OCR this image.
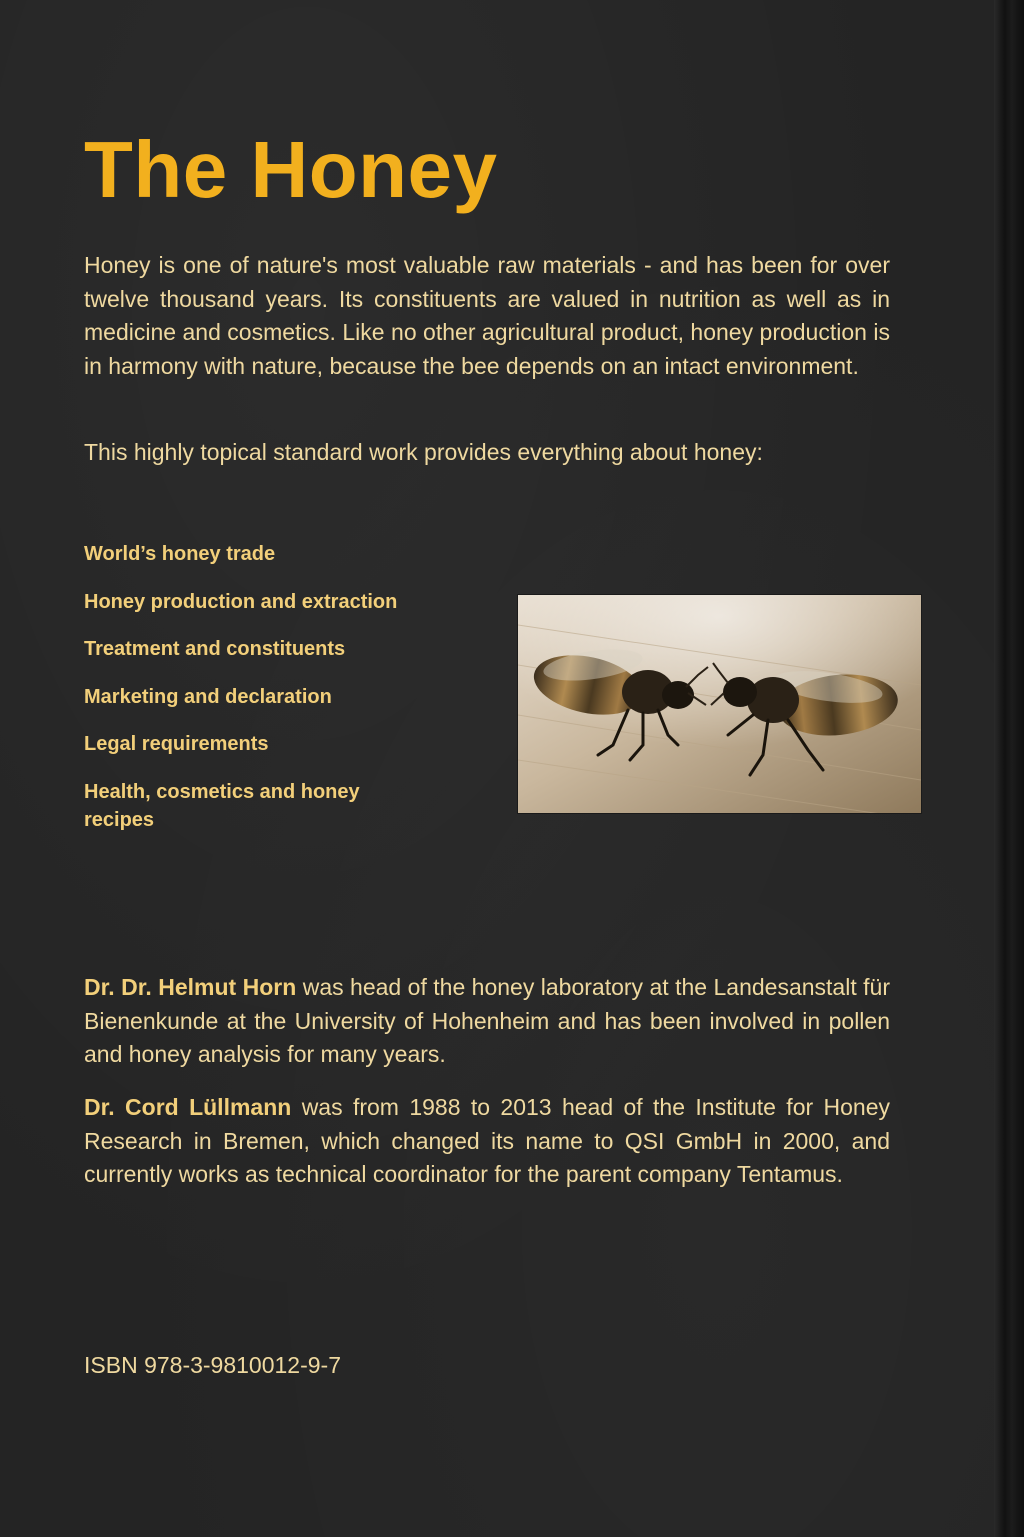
The Honey

Honey is one of nature's most valuable raw materials - and has been for over twelve thousand years. Its constituents are valued in nutrition as well as in medicine and cosmetics. Like no other agricultural product, honey production is in harmony with nature, because the bee depends on an intact environment.

This highly topical standard work provides everything about honey:

World’s honey trade
Honey production and extraction
Treatment and constituents
Marketing and declaration
Legal requirements
Health, cosmetics and honey recipes

Dr. Dr. Helmut Horn was head of the honey laboratory at the Landesanstalt für Bienenkunde at the University of Hohenheim and has been involved in pollen and honey analysis for many years.

Dr. Cord Lüllmann was from 1988 to 2013 head of the Institute for Honey Research in Bremen, which changed its name to QSI GmbH in 2000, and currently works as technical coordinator for the parent company Tentamus.

ISBN 978-3-9810012-9-7
